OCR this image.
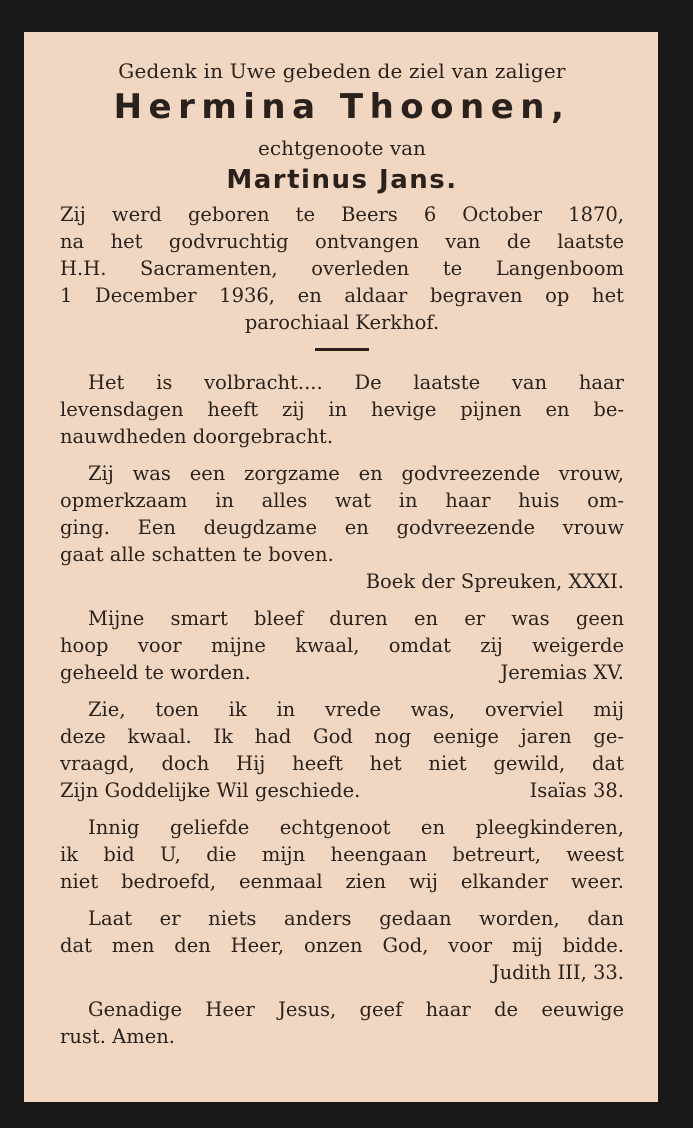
Gedenk in Uwe gebeden de ziel van zaliger

Hermina Thoonen,

echtgenoote van

Martinus Jans.
Zij werd geboren te Beers 6 October 1870,
na het godvruchtig ontvangen van de laatste
H.H. Sacramenten, overleden te Langenboom
1 December 1936, en aldaar begraven op het
parochiaal Kerkhof.
Het is volbracht.... De laatste van haar
levensdagen heeft zij in hevige pijnen en be-
nauwdheden doorgebracht.
Zij was een zorgzame en godvreezende vrouw,
opmerkzaam in alles wat in haar huis om-
ging. Een deugdzame en godvreezende vrouw
gaat alle schatten te boven.
Boek der Spreuken, XXXI.
Mijne smart bleef duren en er was geen
hoop voor mijne kwaal, omdat zij weigerde
geheeld te worden.	Jeremias XV.
Zie, toen ik in vrede was, overviel mij
deze kwaal. Ik had God nog eenige jaren ge-
vraagd, doch Hij heeft het niet gewild, dat
Zijn Goddelijke Wil geschiede.	Isaïas 38.
Innig geliefde echtgenoot en pleegkinderen,
ik bid U, die mijn heengaan betreurt, weest
niet bedroefd, eenmaal zien wij elkander weer.
Laat er niets anders gedaan worden, dan
dat men den Heer, onzen God, voor mij bidde.
Judith III, 33.
Genadige Heer Jesus, geef haar de eeuwige
rust. Amen.
